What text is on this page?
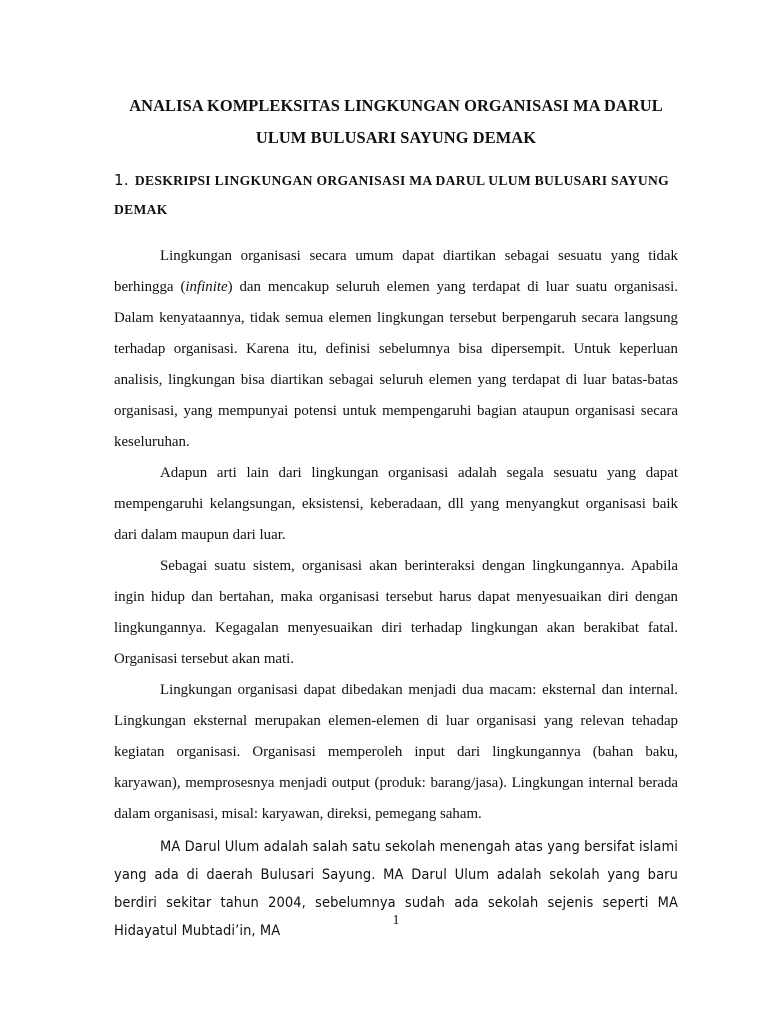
ANALISA KOMPLEKSITAS LINGKUNGAN ORGANISASI MA DARUL ULUM BULUSARI SAYUNG DEMAK
1. DESKRIPSI LINGKUNGAN ORGANISASI MA DARUL ULUM BULUSARI SAYUNG DEMAK

Lingkungan organisasi secara umum dapat diartikan sebagai sesuatu yang tidak berhingga (infinite) dan mencakup seluruh elemen yang terdapat di luar suatu organisasi. Dalam kenyataannya, tidak semua elemen lingkungan tersebut berpengaruh secara langsung terhadap organisasi. Karena itu, definisi sebelumnya bisa dipersempit. Untuk keperluan analisis, lingkungan bisa diartikan sebagai seluruh elemen yang terdapat di luar batas-batas organisasi, yang mempunyai potensi untuk mempengaruhi bagian ataupun organisasi secara keseluruhan.

Adapun arti lain dari lingkungan organisasi adalah segala sesuatu yang dapat mempengaruhi kelangsungan, eksistensi, keberadaan, dll yang menyangkut organisasi baik dari dalam maupun dari luar.

Sebagai suatu sistem, organisasi akan berinteraksi dengan lingkungannya. Apabila ingin hidup dan bertahan, maka organisasi tersebut harus dapat menyesuaikan diri dengan lingkungannya. Kegagalan menyesuaikan diri terhadap lingkungan akan berakibat fatal. Organisasi tersebut akan mati.

Lingkungan organisasi dapat dibedakan menjadi dua macam: eksternal dan internal. Lingkungan eksternal merupakan elemen-elemen di luar organisasi yang relevan tehadap kegiatan organisasi. Organisasi memperoleh input dari lingkungannya (bahan baku, karyawan), memprosesnya menjadi output (produk: barang/jasa). Lingkungan internal berada dalam organisasi, misal: karyawan, direksi, pemegang saham.

MA Darul Ulum adalah salah satu sekolah menengah atas yang bersifat islami yang ada di daerah Bulusari Sayung. MA Darul Ulum adalah sekolah yang baru berdiri sekitar tahun 2004, sebelumnya sudah ada sekolah sejenis seperti MA Hidayatul Mubtadi’in, MA

1
